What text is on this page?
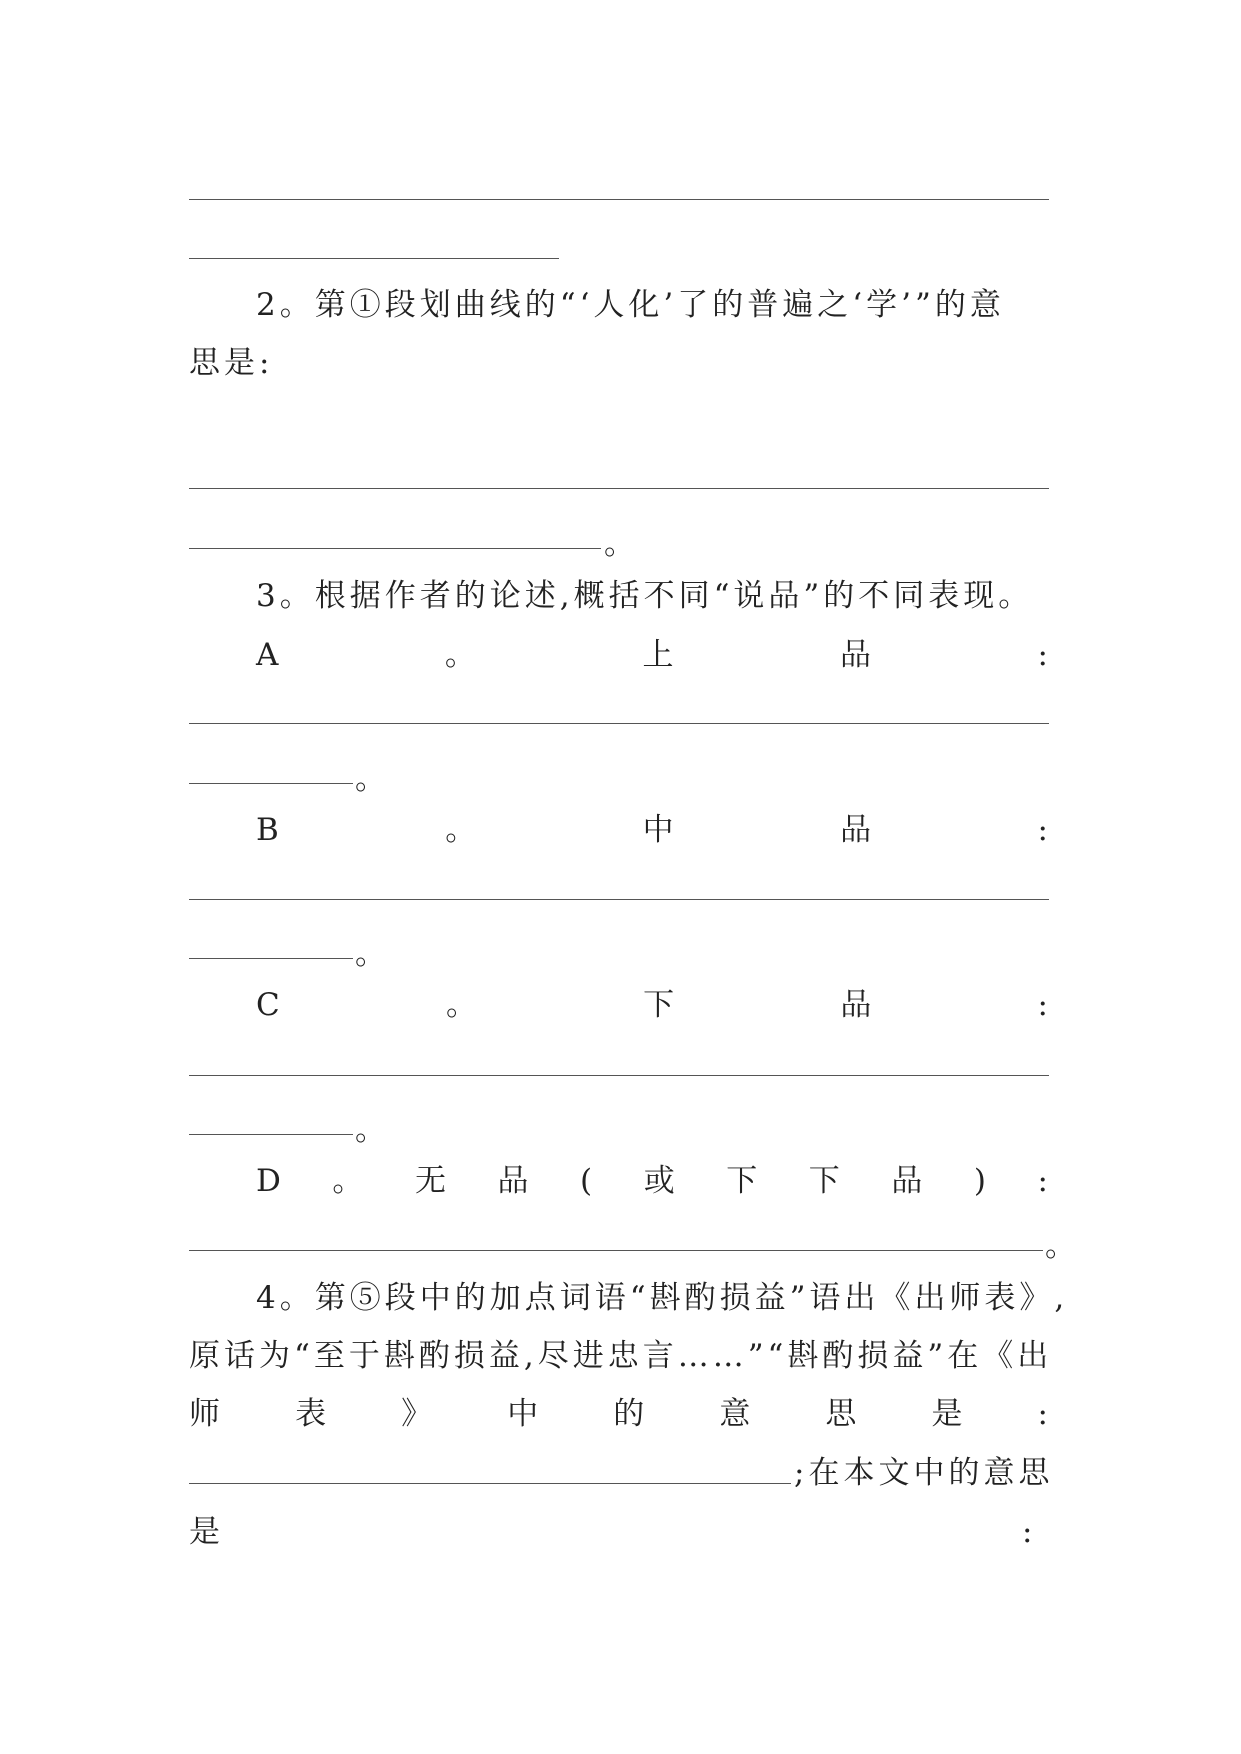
2。第①段划曲线的“‘人化’了的普遍之‘学’”的意
思是:
。
3。根据作者的论述,概括不同“说品”的不同表现。
A	。	上	品	:
。
B	。	中	品	:
。
C	。	下	品	:
。
D 。 无 品 ( 或 下 下 品 ) :
。
4。第⑤段中的加点词语“斟酌损益”语出《出师表》,
原话为“至于斟酌损益,尽进忠言……”“斟酌损益”在《出
师 表 》 中 的 意 思 是 :
;在本文中的意思
是	:
